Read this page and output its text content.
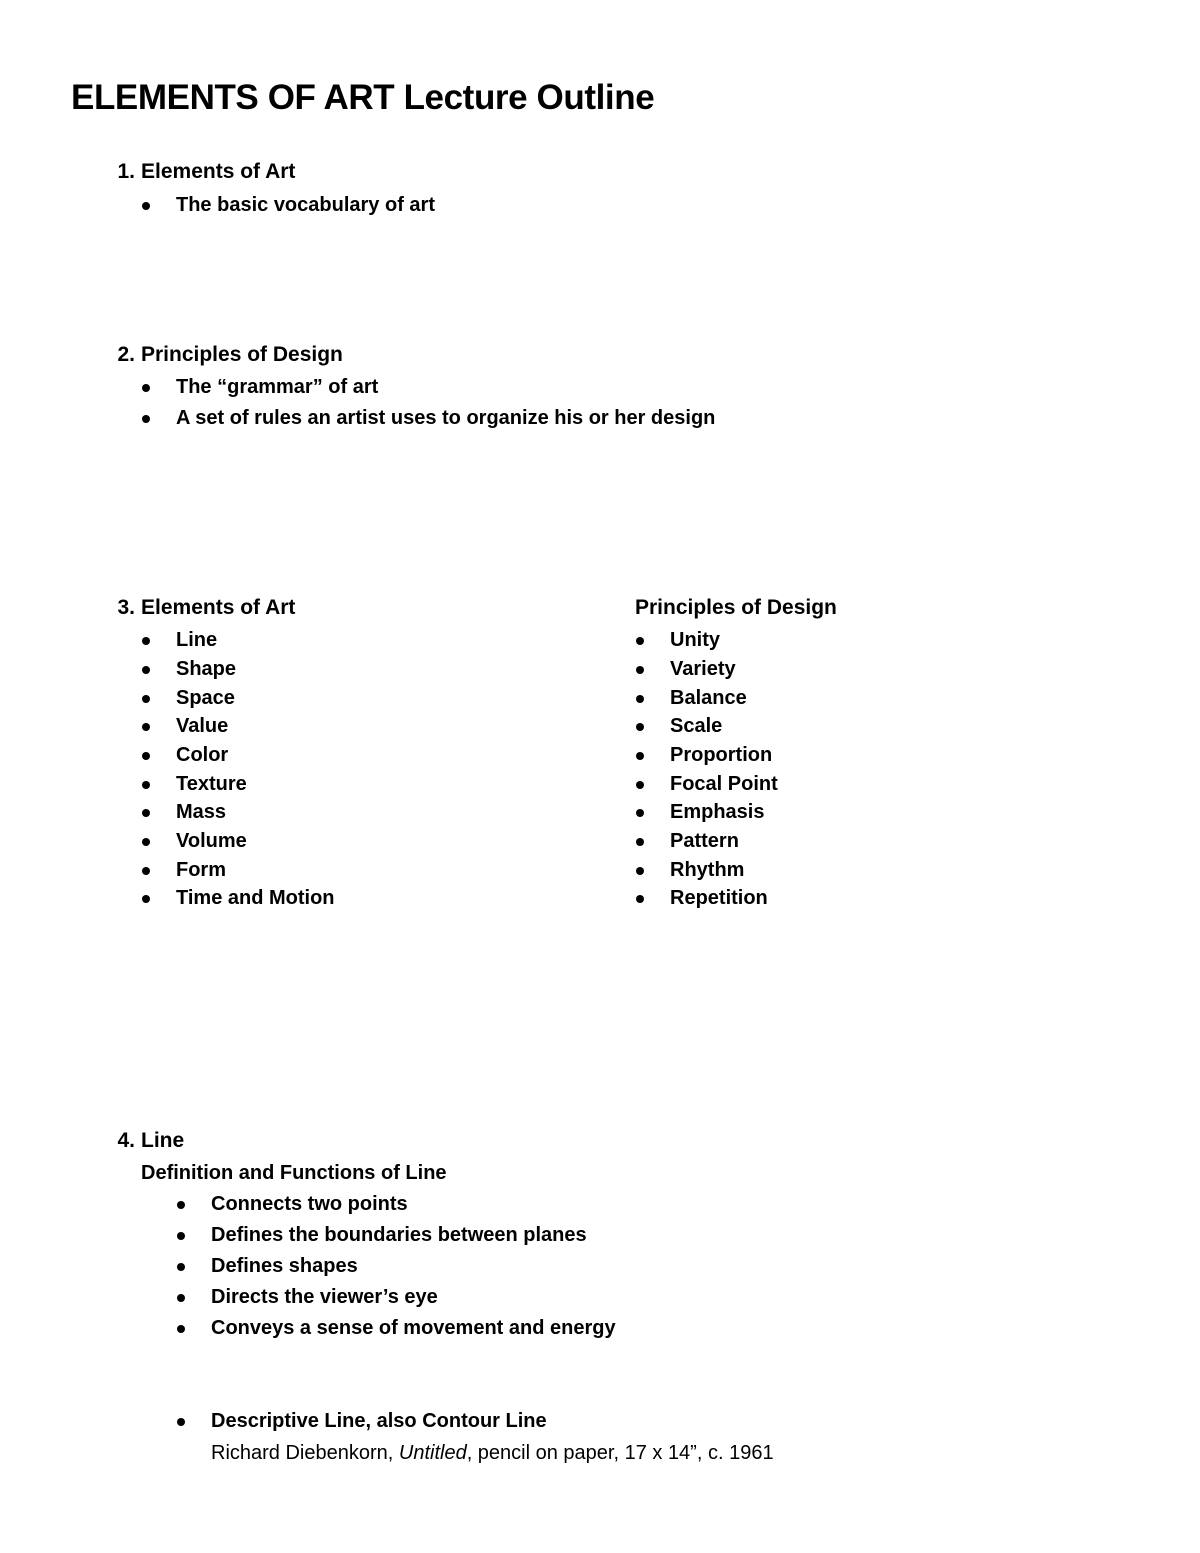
ELEMENTS OF ART Lecture Outline
1. Elements of Art
The basic vocabulary of art
2. Principles of Design
The “grammar” of art
A set of rules an artist uses to organize his or her design
3. Elements of Art	Principles of Design
Line
Shape
Space
Value
Color
Texture
Mass
Volume
Form
Time and Motion
Unity
Variety
Balance
Scale
Proportion
Focal Point
Emphasis
Pattern
Rhythm
Repetition
4. Line
Definition and Functions of Line
Connects two points
Defines the boundaries between planes
Defines shapes
Directs the viewer’s eye
Conveys a sense of movement and energy
Descriptive Line, also Contour Line
Richard Diebenkorn, Untitled, pencil on paper, 17 x 14”, c. 1961
